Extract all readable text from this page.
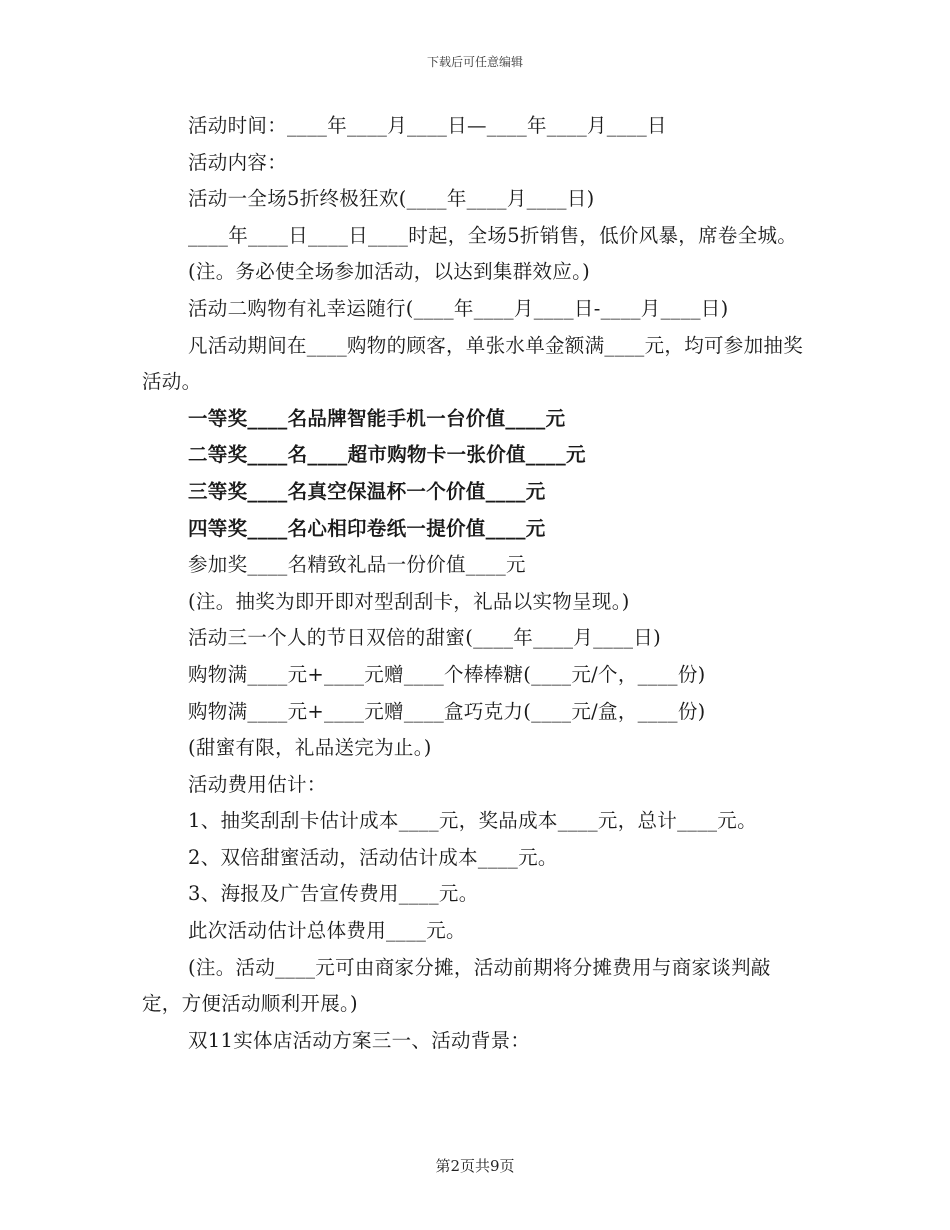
下载后可任意编辑

活动时间：____年____月____日—____年____月____日

活动内容：

活动一全场5折终极狂欢(____年____月____日)

____年____日____日____时起，全场5折销售，低价风暴，席卷全城。

(注。务必使全场参加活动，以达到集群效应。)

活动二购物有礼幸运随行(____年____月____日-____月____日)

凡活动期间在____购物的顾客，单张水单金额满____元，均可参加抽奖活动。

一等奖____名品牌智能手机一台价值____元

二等奖____名____超市购物卡一张价值____元

三等奖____名真空保温杯一个价值____元

四等奖____名心相印卷纸一提价值____元

参加奖____名精致礼品一份价值____元

(注。抽奖为即开即对型刮刮卡，礼品以实物呈现。)

活动三一个人的节日双倍的甜蜜(____年____月____日)

购物满____元+____元赠____个棒棒糖(____元/个，____份)

购物满____元+____元赠____盒巧克力(____元/盒，____份)

(甜蜜有限，礼品送完为止。)

活动费用估计：

1、抽奖刮刮卡估计成本____元，奖品成本____元，总计____元。

2、双倍甜蜜活动，活动估计成本____元。

3、海报及广告宣传费用____元。

此次活动估计总体费用____元。

(注。活动____元可由商家分摊，活动前期将分摊费用与商家谈判敲定，方便活动顺利开展。)

双11实体店活动方案三一、活动背景：

第2页共9页
